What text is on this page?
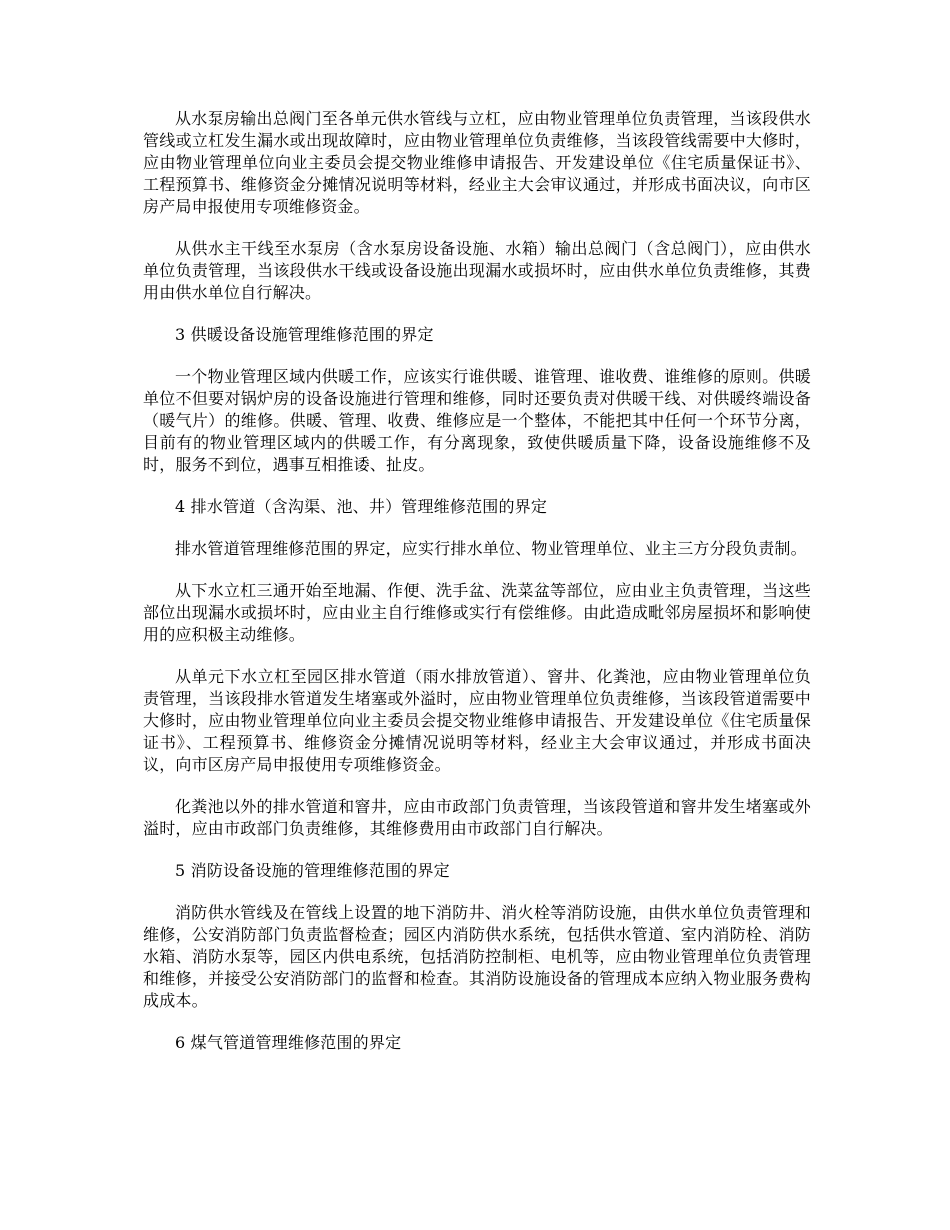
从水泵房输出总阀门至各单元供水管线与立杠，应由物业管理单位负责管理，当该段供水管线或立杠发生漏水或出现故障时，应由物业管理单位负责维修，当该段管线需要中大修时，应由物业管理单位向业主委员会提交物业维修申请报告、开发建设单位《住宅质量保证书》、工程预算书、维修资金分摊情况说明等材料，经业主大会审议通过，并形成书面决议，向市区房产局申报使用专项维修资金。

从供水主干线至水泵房（含水泵房设备设施、水箱）输出总阀门（含总阀门），应由供水单位负责管理，当该段供水干线或设备设施出现漏水或损坏时，应由供水单位负责维修，其费用由供水单位自行解决。

3 供暖设备设施管理维修范围的界定

一个物业管理区域内供暖工作，应该实行谁供暖、谁管理、谁收费、谁维修的原则。供暖单位不但要对锅炉房的设备设施进行管理和维修，同时还要负责对供暖干线、对供暖终端设备（暖气片）的维修。供暖、管理、收费、维修应是一个整体，不能把其中任何一个环节分离，目前有的物业管理区域内的供暖工作，有分离现象，致使供暖质量下降，设备设施维修不及时，服务不到位，遇事互相推诿、扯皮。

4 排水管道（含沟渠、池、井）管理维修范围的界定

排水管道管理维修范围的界定，应实行排水单位、物业管理单位、业主三方分段负责制。

从下水立杠三通开始至地漏、作便、洗手盆、洗菜盆等部位，应由业主负责管理，当这些部位出现漏水或损坏时，应由业主自行维修或实行有偿维修。由此造成毗邻房屋损坏和影响使用的应积极主动维修。

从单元下水立杠至园区排水管道（雨水排放管道）、窨井、化粪池，应由物业管理单位负责管理，当该段排水管道发生堵塞或外溢时，应由物业管理单位负责维修，当该段管道需要中大修时，应由物业管理单位向业主委员会提交物业维修申请报告、开发建设单位《住宅质量保证书》、工程预算书、维修资金分摊情况说明等材料，经业主大会审议通过，并形成书面决议，向市区房产局申报使用专项维修资金。

化粪池以外的排水管道和窨井，应由市政部门负责管理，当该段管道和窨井发生堵塞或外溢时，应由市政部门负责维修，其维修费用由市政部门自行解决。

5 消防设备设施的管理维修范围的界定

消防供水管线及在管线上设置的地下消防井、消火栓等消防设施，由供水单位负责管理和维修，公安消防部门负责监督检查；园区内消防供水系统，包括供水管道、室内消防栓、消防水箱、消防水泵等，园区内供电系统，包括消防控制柜、电机等，应由物业管理单位负责管理和维修，并接受公安消防部门的监督和检查。其消防设施设备的管理成本应纳入物业服务费构成成本。

6 煤气管道管理维修范围的界定
